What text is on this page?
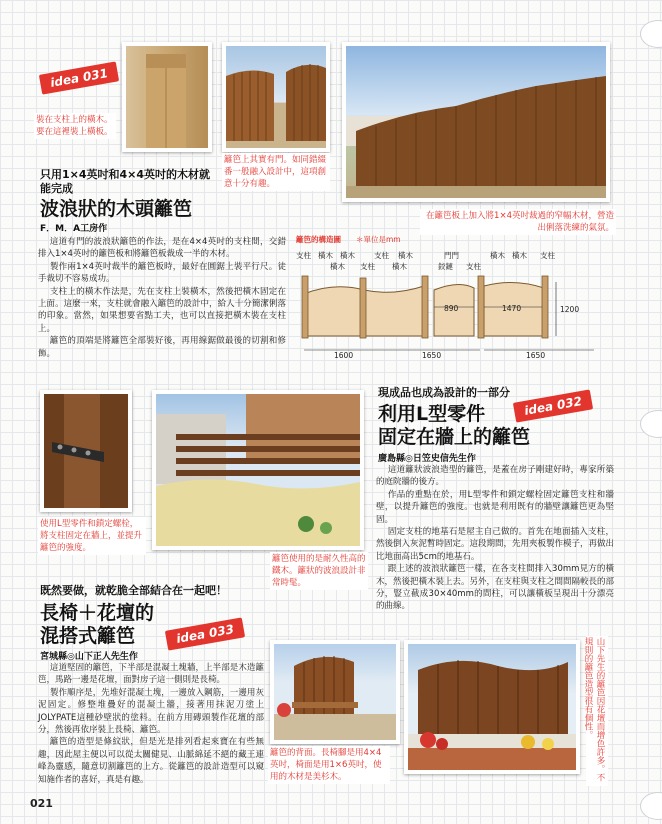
idea 031
裝在支柱上的橫木。要在這裡裝上橫板。
籬笆上其實有門。如同錯綴番一般融入設計中，這項創意十分有趣。
在籬笆板上加入將1×4英吋裁過的窄幅木材，營造出俐落洗練的氣氛。
只用1×4英吋和4×4英吋的木材就能完成
波浪狀的木頭籬笆
F．M．A工房作

這道有門的波浪狀籬笆的作法，是在4×4英吋的支柱間，交錯排入1×4英吋的籬笆板和將籬笆板裁成一半的木材。

製作兩1×4英吋裁半的籬笆板時，最好在圓鋸上裝平行尺。徒手裁切不容易成功。

支柱上的橫木作法是，先在支柱上裝橫木，然後把橫木固定在上面。這麼一來，支柱就會融入籬笆的設計中，給人十分簡潔俐落的印象。當然，如果想要省點工夫，也可以直接把橫木裝在支柱上。

籬笆的頂端是將籬笆全部裝好後，再用線鋸做最後的切割和修飾。

籬笆的構造圖 ＊單位是mm
支柱 橫木 橫木	支柱 橫木	門門	橫木 橫木 支柱
橫木 支柱 橫木	鉸鏈 支柱
890	1470	1200
1600	1650	1650
現成品也成為設計的一部分
idea 032
利用L型零件
固定在牆上的籬笆
廣島縣◎日笠史信先生作
使用L型零件和鎖定螺栓，將支柱固定在牆上，並提升籬笆的強度。
籬笆使用的是耐久性高的鐵木。籬狀的波浪設計非常時髦。

這道籬狀波浪造型的籬笆，是蓋在房子剛建好時，專家所築的庭院牆的後方。

作品的重點在於，用L型零件和鎖定螺栓固定籬笆支柱和牆壁，以提升籬笆的強度。也就是利用既有的牆壁讓籬笆更為堅固。

固定支柱的地基石是屋主自己做的。首先在地面插入支柱，然後倒入灰泥暫時固定。這段期間，先用夾板製作模子，再做出比地面高出5cm的地基石。

跟上述的波浪狀籬笆一樣，在各支柱間排入30mm見方的橫木，然後把橫木裝上去。另外，在支柱與支柱之間間隔較長的部分，豎立截成30×40mm的間柱，可以讓橫板呈現出十分漂亮的曲線。

既然要做，就乾脆全部結合在一起吧！
長椅＋花壇的
混搭式籬笆	idea 033
宮城縣◎山下正人先生作

這道堅固的籬笆，下半部是混凝土塊牆，上半部是木造籬笆，馬路一邊是花壇，面對房子這一側則是長椅。

製作順序是，先堆好混凝土塊，一邊放入鋼筋，一邊用灰泥固定。修整堆疊好的混凝土牆，接著用抹泥刀塗上JOLYPATE這種砂壁狀的塗料。在前方用磚頭製作花壇的部分，然後再依序裝上長椅、籬笆。

籬笆的造型是條紋狀，但是光是排列看起來寶在有些無趣，因此屋主便以可以從太關健見、山脈綿延不絕的藏王連峰為靈感，隨意切割籬笆的上方。從籬笆的設計造型可以窺知施作者的喜好，真是有趣。

籬笆的背面。長椅腳是用4×4英吋，椅面是用1×6英吋，使用的木材是美杉木。	山下先生的籬笆因花壇而增色許多。不規則的籬笆造型很有個性。
021
